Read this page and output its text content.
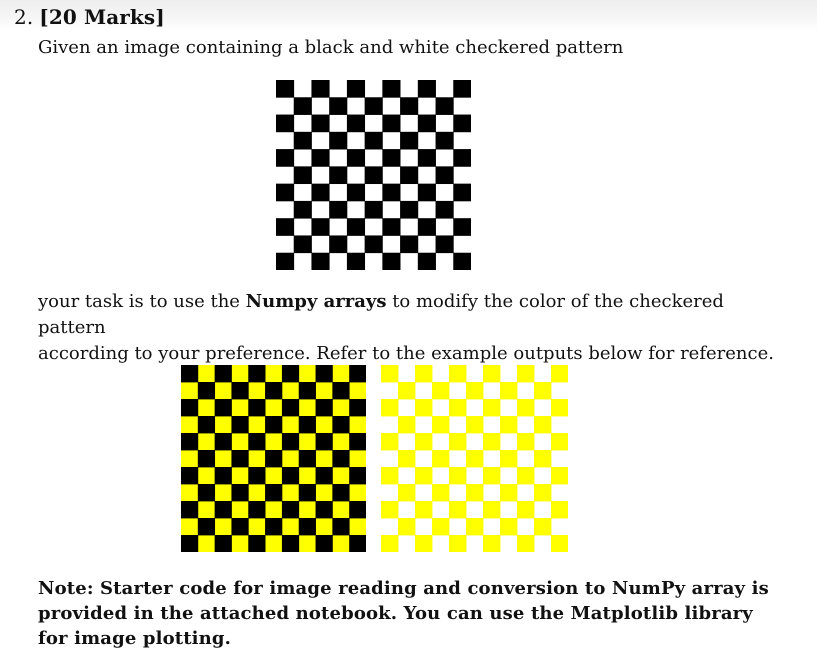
2. [20 Marks]
Given an image containing a black and white checkered pattern
your task is to use the Numpy arrays to modify the color of the checkered pattern
according to your preference. Refer to the example outputs below for reference.
Note: Starter code for image reading and conversion to NumPy array is
provided in the attached notebook. You can use the Matplotlib library
for image plotting.
